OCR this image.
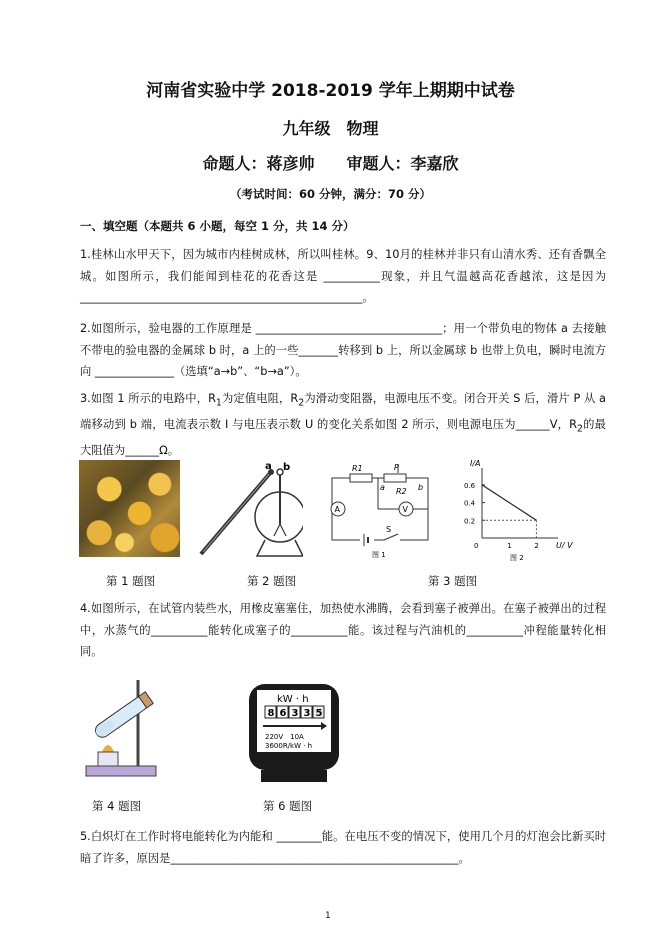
河南省实验中学 2018-2019 学年上期期中试卷
九年级　物理
命题人：蒋彦帅　　审题人：李嘉欣
（考试时间：60 分钟，满分：70 分）
一、填空题（本题共 6 小题，每空 1 分，共 14 分）
1.桂林山水甲天下，因为城市内桂树成林，所以叫桂林。9、10月的桂林并非只有山清水秀、还有香飘全城。如图所示，我们能闻到桂花的花香这是 __________现象，并且气温越高花香越浓，这是因为 __________________________________________________。
2.如图所示，验电器的工作原理是 _________________________________；用一个带负电的物体 a 去接触不带电的验电器的金属球 b 时，a 上的一些_______转移到 b 上，所以金属球 b 也带上负电，瞬时电流方向 ______________（选填“a→b”、“b→a”）。
3.如图 1 所示的电路中，$R_1$为定值电阻，$R_2$为滑动变阻器，电源电压不变。闭合开关 S 后，滑片 P 从 a 端移动到 b 端，电流表示数 I 与电压表示数 U 的变化关系如图 2 所示，则电源电压为______V，$R_2$的最大阻值为______Ω。
a b	R1
R2
P
a	b
A	V
S
图 1
I/A
U/ V
0.2
0.4
0.6
0	1	2
图 2
第 1 题图	第 2 题图	第 3 题图
4.如图所示，在试管内装些水，用橡皮塞塞住，加热使水沸腾，会看到塞子被弹出。在塞子被弹出的过程中，水蒸气的__________能转化成塞子的__________能。该过程与汽油机的__________冲程能量转化相同。
kW · h
8 6 3 3 5
220V　10A
3600R/kW · h
第 4 题图	第 6 题图
5.白炽灯在工作时将电能转化为内能和 ________能。在电压不变的情况下，使用几个月的灯泡会比新买时暗了许多，原因是___________________________________________________。
1
